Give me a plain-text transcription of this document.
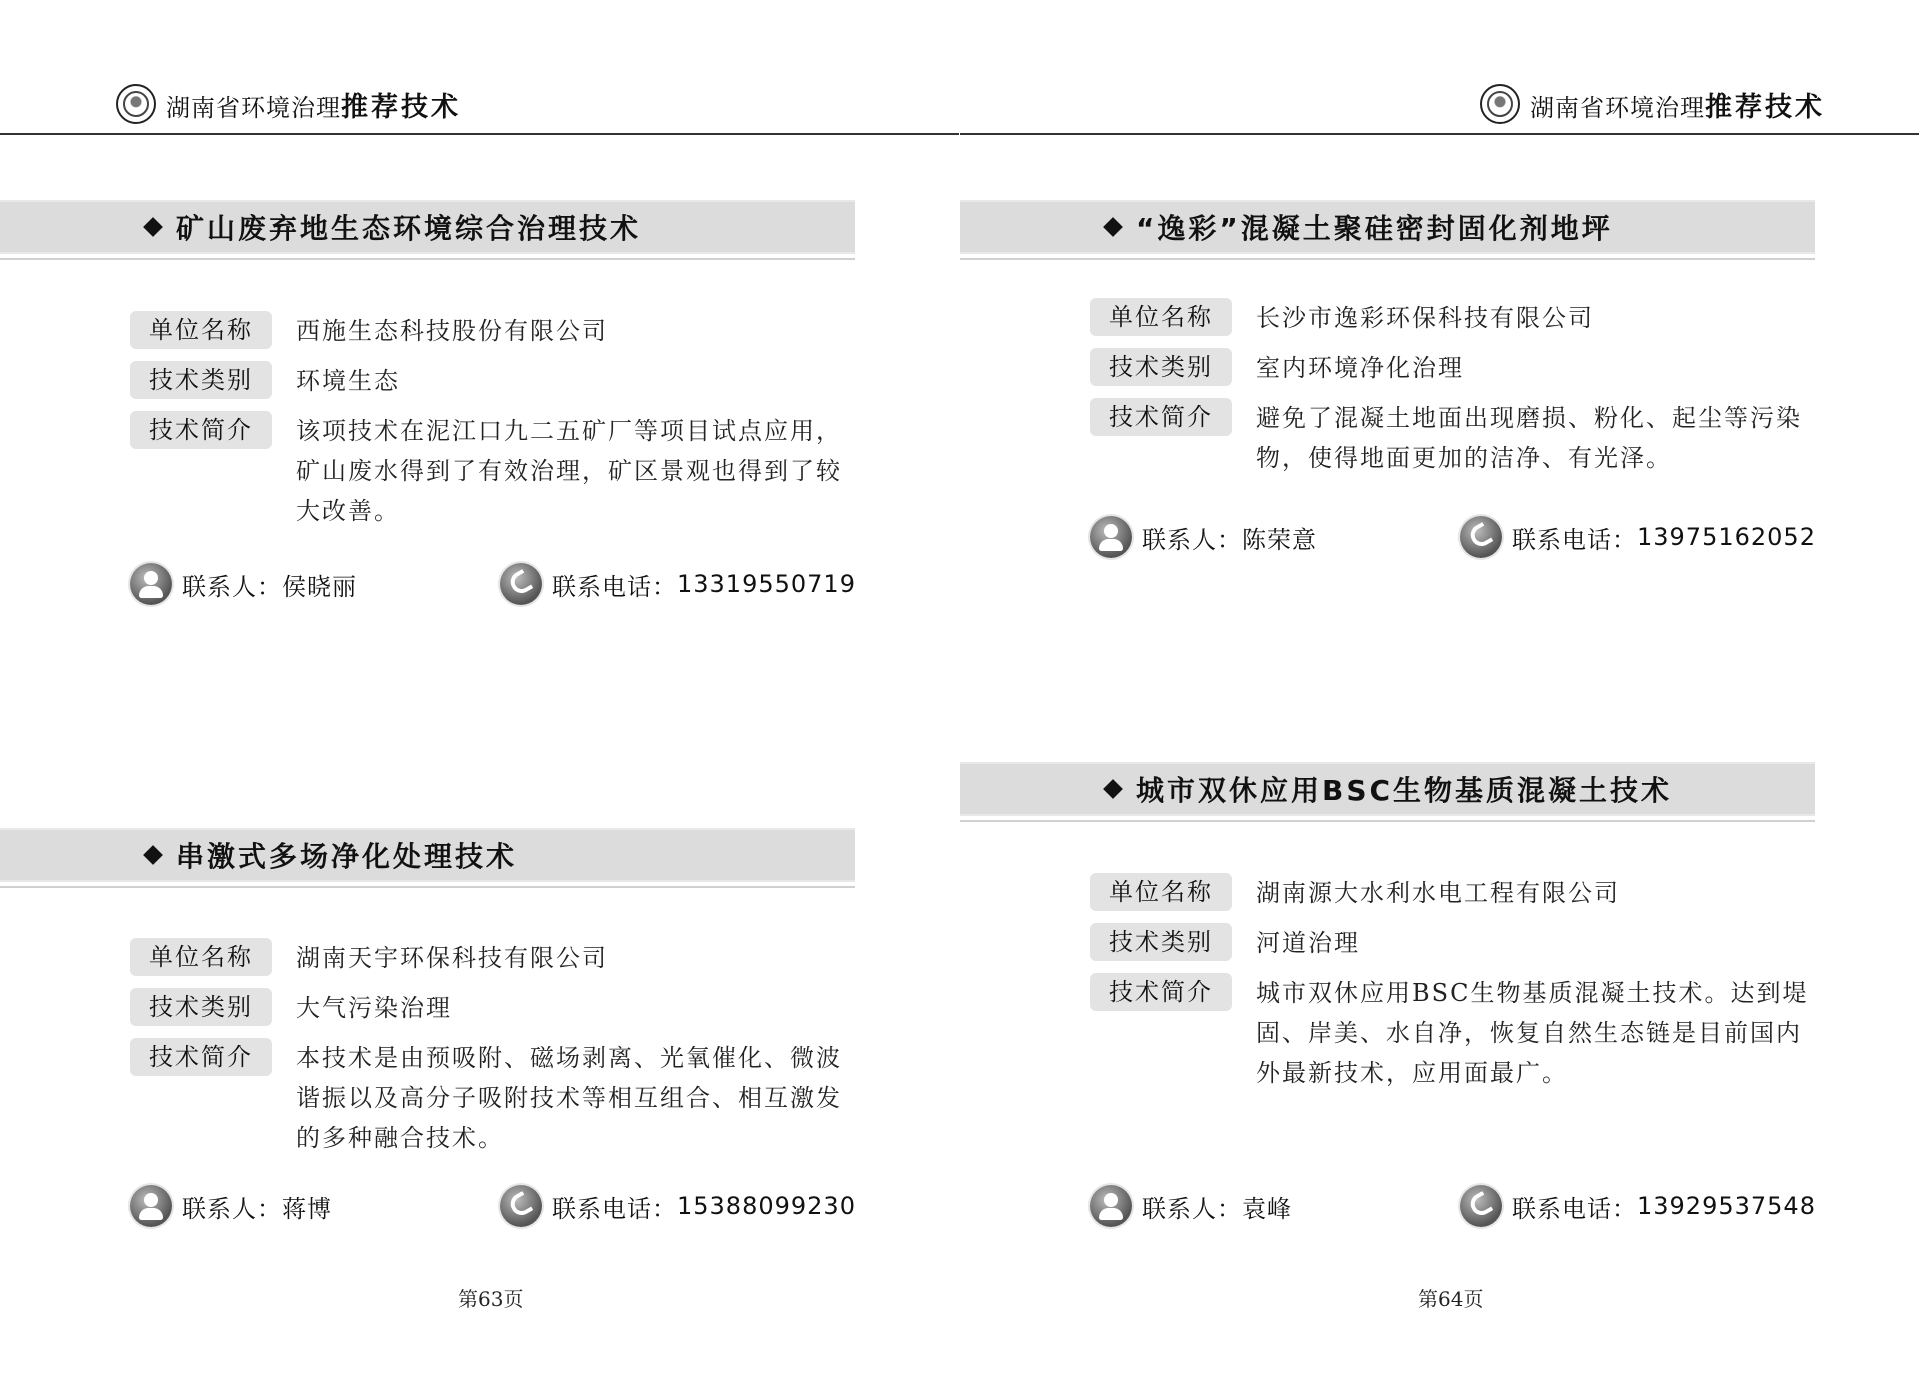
湖南省环境治理推荐技术
矿山废弃地生态环境综合治理技术
单位名称	西施生态科技股份有限公司
技术类别	环境生态
技术简介	该项技术在泥江口九二五矿厂等项目试点应用，矿山废水得到了有效治理，矿区景观也得到了较大改善。
联系人： 侯晓丽	联系电话： 13319550719
串激式多场净化处理技术
单位名称	湖南天宇环保科技有限公司
技术类别	大气污染治理
技术简介	本技术是由预吸附、磁场剥离、光氧催化、微波谐振以及高分子吸附技术等相互组合、相互激发的多种融合技术。
联系人： 蒋博	联系电话： 15388099230
第63页
湖南省环境治理推荐技术
“逸彩”混凝土聚硅密封固化剂地坪
单位名称	长沙市逸彩环保科技有限公司
技术类别	室内环境净化治理
技术简介	避免了混凝土地面出现磨损、粉化、起尘等污染物，使得地面更加的洁净、有光泽。
联系人： 陈荣意	联系电话： 13975162052
城市双休应用BSC生物基质混凝土技术
单位名称	湖南源大水利水电工程有限公司
技术类别	河道治理
技术简介	城市双休应用BSC生物基质混凝土技术。达到堤固、岸美、水自净，恢复自然生态链是目前国内外最新技术，应用面最广。
联系人： 袁峰	联系电话： 13929537548
第64页
